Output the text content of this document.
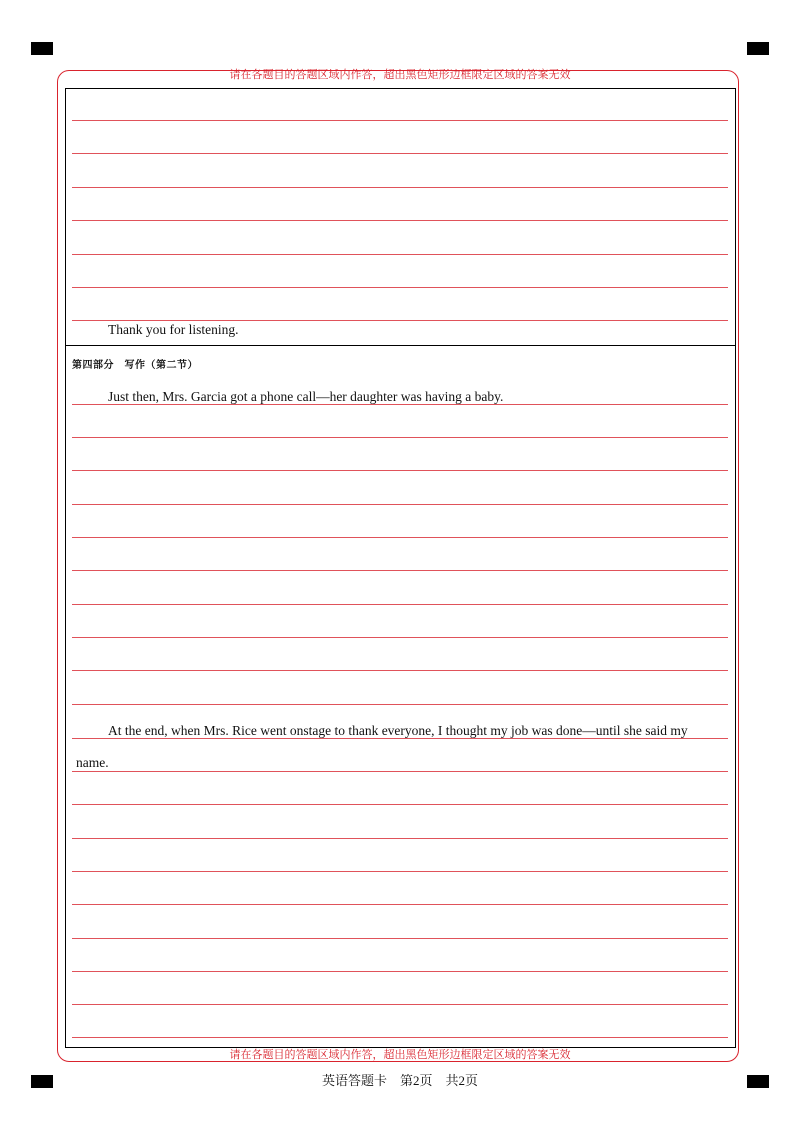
请在各题目的答题区域内作答，超出黑色矩形边框限定区域的答案无效
请在各题目的答题区域内作答，超出黑色矩形边框限定区域的答案无效
Thank you for listening.
第四部分　写作（第二节）
Just then, Mrs. Garcia got a phone call—her daughter was having a baby.
At the end, when Mrs. Rice went onstage to thank everyone, I thought my job was done—until she said my
name.
英语答题卡　第2页　共2页
